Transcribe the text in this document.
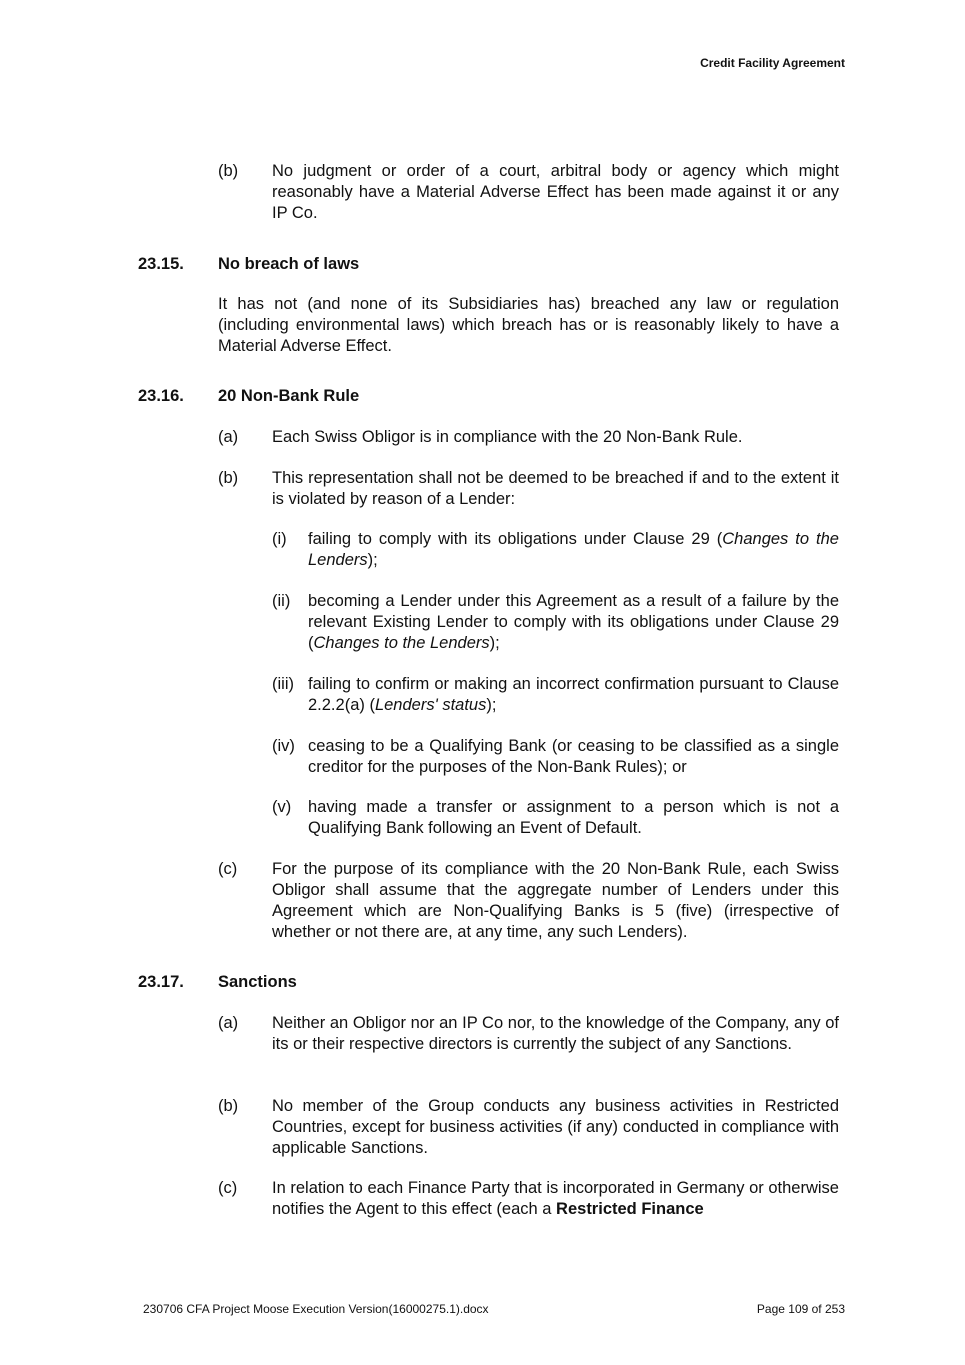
Credit Facility Agreement
(b) No judgment or order of a court, arbitral body or agency which might reasonably have a Material Adverse Effect has been made against it or any IP Co.
23.15. No breach of laws
It has not (and none of its Subsidiaries has) breached any law or regulation (including environmental laws) which breach has or is reasonably likely to have a Material Adverse Effect.
23.16. 20 Non-Bank Rule
(a) Each Swiss Obligor is in compliance with the 20 Non-Bank Rule.
(b) This representation shall not be deemed to be breached if and to the extent it is violated by reason of a Lender:
(i) failing to comply with its obligations under Clause 29 (Changes to the Lenders);
(ii) becoming a Lender under this Agreement as a result of a failure by the relevant Existing Lender to comply with its obligations under Clause 29 (Changes to the Lenders);
(iii) failing to confirm or making an incorrect confirmation pursuant to Clause 2.2.2(a) (Lenders' status);
(iv) ceasing to be a Qualifying Bank (or ceasing to be classified as a single creditor for the purposes of the Non-Bank Rules); or
(v) having made a transfer or assignment to a person which is not a Qualifying Bank following an Event of Default.
(c) For the purpose of its compliance with the 20 Non-Bank Rule, each Swiss Obligor shall assume that the aggregate number of Lenders under this Agreement which are Non-Qualifying Banks is 5 (five) (irrespective of whether or not there are, at any time, any such Lenders).
23.17. Sanctions
(a) Neither an Obligor nor an IP Co nor, to the knowledge of the Company, any of its or their respective directors is currently the subject of any Sanctions.
(b) No member of the Group conducts any business activities in Restricted Countries, except for business activities (if any) conducted in compliance with applicable Sanctions.
(c) In relation to each Finance Party that is incorporated in Germany or otherwise notifies the Agent to this effect (each a Restricted Finance
230706 CFA Project Moose Execution Version(16000275.1).docx	Page 109 of 253
